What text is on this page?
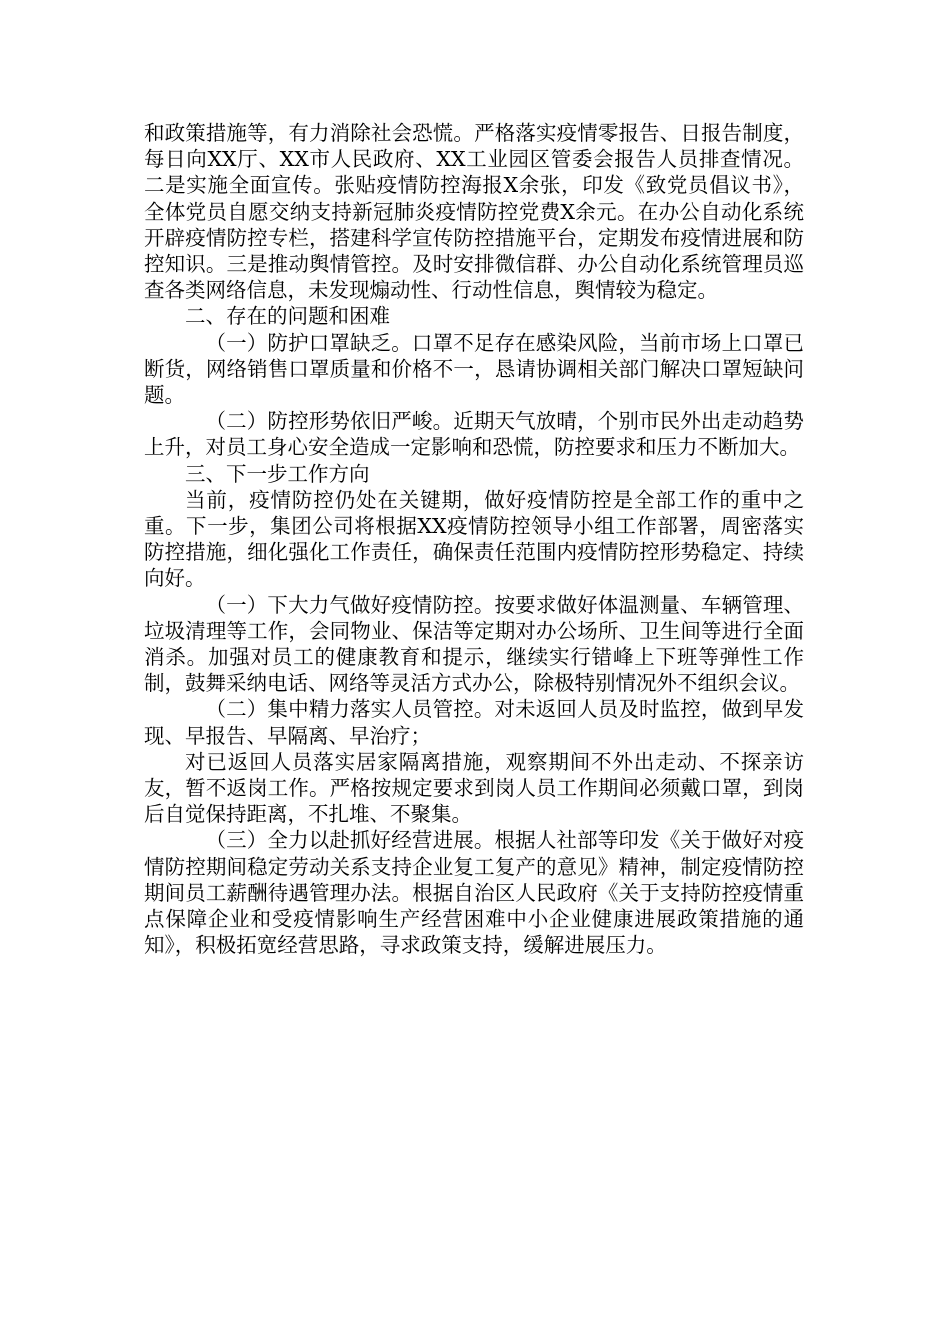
和政策措施等，有力消除社会恐慌。严格落实疫情零报告、日报告制度，每日向XX厅、XX市人民政府、XX工业园区管委会报告人员排查情况。二是实施全面宣传。张贴疫情防控海报X余张，印发《致党员倡议书》，全体党员自愿交纳支持新冠肺炎疫情防控党费X余元。在办公自动化系统开辟疫情防控专栏，搭建科学宣传防控措施平台，定期发布疫情进展和防控知识。三是推动舆情管控。及时安排微信群、办公自动化系统管理员巡查各类网络信息，未发现煽动性、行动性信息，舆情较为稳定。

二、存在的问题和困难

（一）防护口罩缺乏。口罩不足存在感染风险，当前市场上口罩已断货，网络销售口罩质量和价格不一，恳请协调相关部门解决口罩短缺问题。

（二）防控形势依旧严峻。近期天气放晴，个别市民外出走动趋势上升，对员工身心安全造成一定影响和恐慌，防控要求和压力不断加大。

三、下一步工作方向

当前，疫情防控仍处在关键期，做好疫情防控是全部工作的重中之重。下一步，集团公司将根据XX疫情防控领导小组工作部署，周密落实防控措施，细化强化工作责任，确保责任范围内疫情防控形势稳定、持续向好。

（一）下大力气做好疫情防控。按要求做好体温测量、车辆管理、垃圾清理等工作，会同物业、保洁等定期对办公场所、卫生间等进行全面消杀。加强对员工的健康教育和提示，继续实行错峰上下班等弹性工作制，鼓舞采纳电话、网络等灵活方式办公，除极特别情况外不组织会议。

（二）集中精力落实人员管控。对未返回人员及时监控，做到早发现、早报告、早隔离、早治疗；

对已返回人员落实居家隔离措施，观察期间不外出走动、不探亲访友，暂不返岗工作。严格按规定要求到岗人员工作期间必须戴口罩，到岗后自觉保持距离，不扎堆、不聚集。

（三）全力以赴抓好经营进展。根据人社部等印发《关于做好对疫情防控期间稳定劳动关系支持企业复工复产的意见》精神，制定疫情防控期间员工薪酬待遇管理办法。根据自治区人民政府《关于支持防控疫情重点保障企业和受疫情影响生产经营困难中小企业健康进展政策措施的通知》，积极拓宽经营思路，寻求政策支持，缓解进展压力。
